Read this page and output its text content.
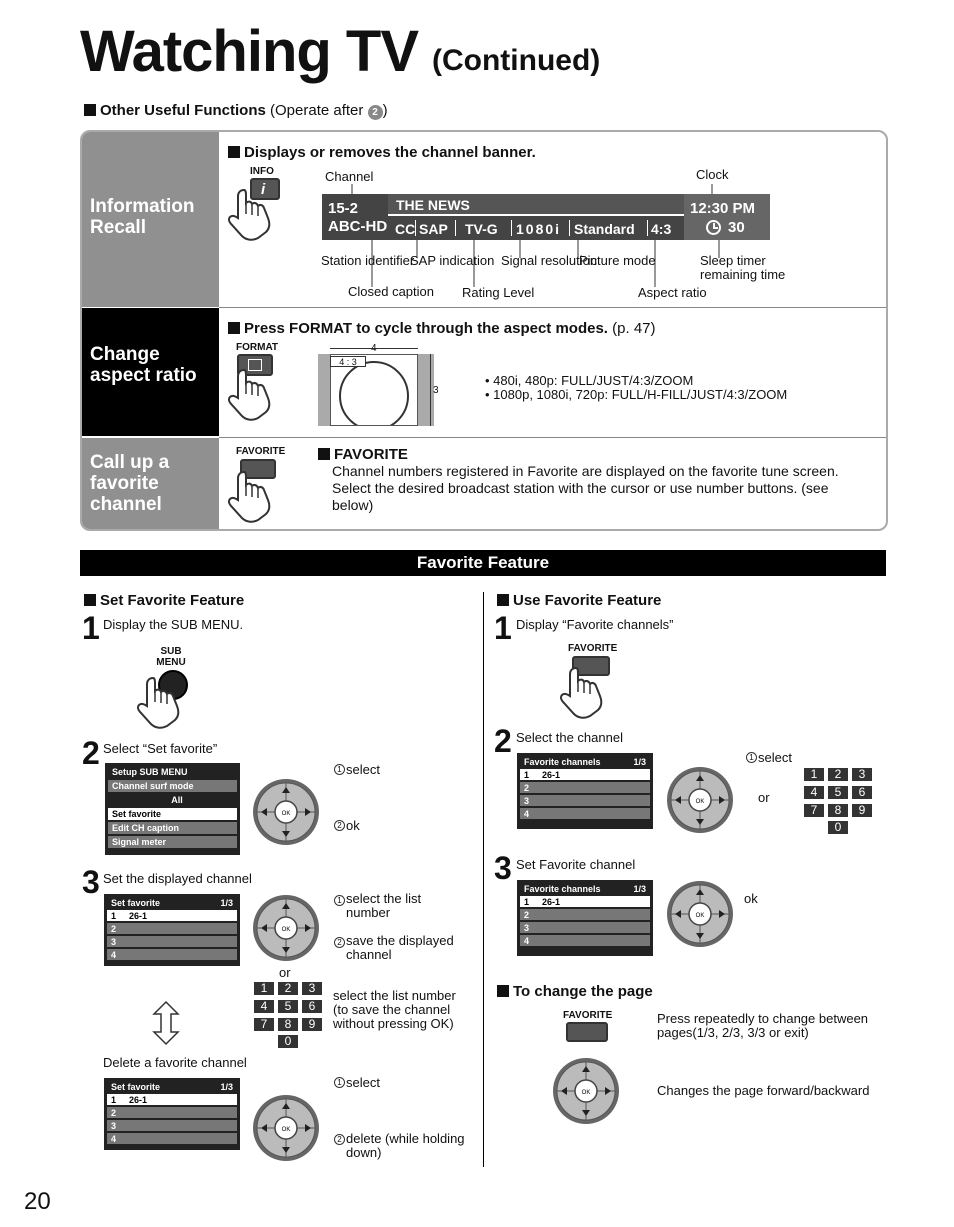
Watching TV (Continued)
Other Useful Functions (Operate after 2 )
Information Recall
Displays or removes the channel banner.
INFO
i
Channel	Clock
15-2
ABC-HD
THE NEWS
CC SAP TV-G 1080i Standard 4:3
12:30 PM
30
Station identifier
SAP indication Signal resolution
Picture mode	Sleep timer remaining time
Closed caption Rating Level	Aspect ratio
Change aspect ratio
Press FORMAT to cycle through the aspect modes. (p. 47)
FORMAT
4 : 3
4
3
• 480i, 480p: FULL/JUST/4:3/ZOOM
• 1080p, 1080i, 720p: FULL/H-FILL/JUST/4:3/ZOOM
Call up a favorite channel
FAVORITE	FAVORITE
Channel numbers registered in Favorite are displayed on the favorite tune screen. Select the desired broadcast station with the cursor or use number buttons. (see below)
Favorite Feature
Set Favorite Feature
1 Display the SUB MENU.
SUB MENU
2 Select “Set favorite”
Setup SUB MENU
Channel surf mode
All
Set favorite
Edit CH caption
Signal meter
OK
1 select
2 ok
3 Set the displayed channel
Set favorite	1/3
1 26-1
2
3
4
OK
1 select the list number
2 save the displayed channel
or
1	2	3
4	5	6
7	8	9
0
select the list number (to save the channel without pressing OK)
Delete a favorite channel
Set favorite	1/3
1 26-1
2
3
4
OK
1 select
2 delete (while holding down)
Use Favorite Feature
1 Display “Favorite channels”
FAVORITE
2 Select the channel
Favorite channels	1/3
1 26-1
2
3
4
OK
1 select
or
1	2	3
4	5	6
7	8	9
0
3 Set Favorite channel
Favorite channels	1/3
1 26-1
2
3
4
OK
ok
To change the page
FAVORITE	Press repeatedly to change between pages(1/3, 2/3, 3/3 or exit)
OK	Changes the page forward/backward
20
